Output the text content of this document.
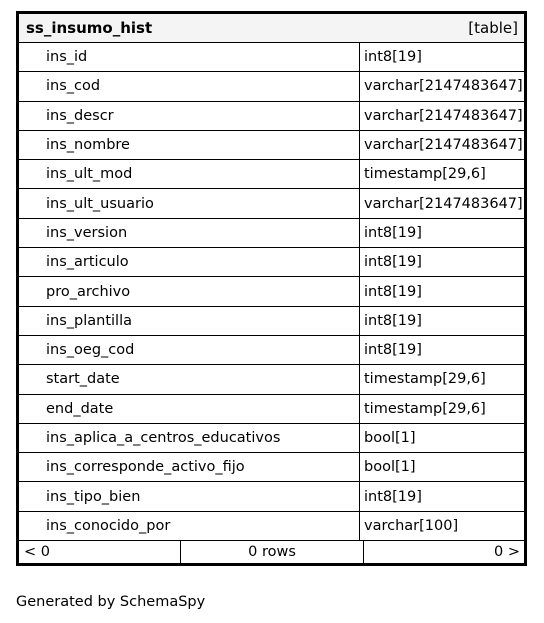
ss_insumo_hist	[table]
ins_id	int8[19]
ins_cod	varchar[2147483647]
ins_descr	varchar[2147483647]
ins_nombre	varchar[2147483647]
ins_ult_mod	timestamp[29,6]
ins_ult_usuario	varchar[2147483647]
ins_version	int8[19]
ins_articulo	int8[19]
pro_archivo	int8[19]
ins_plantilla	int8[19]
ins_oeg_cod	int8[19]
start_date	timestamp[29,6]
end_date	timestamp[29,6]
ins_aplica_a_centros_educativos	bool[1]
ins_corresponde_activo_fijo	bool[1]
ins_tipo_bien	int8[19]
ins_conocido_por	varchar[100]
< 0	0 rows	0 >
Generated by SchemaSpy
